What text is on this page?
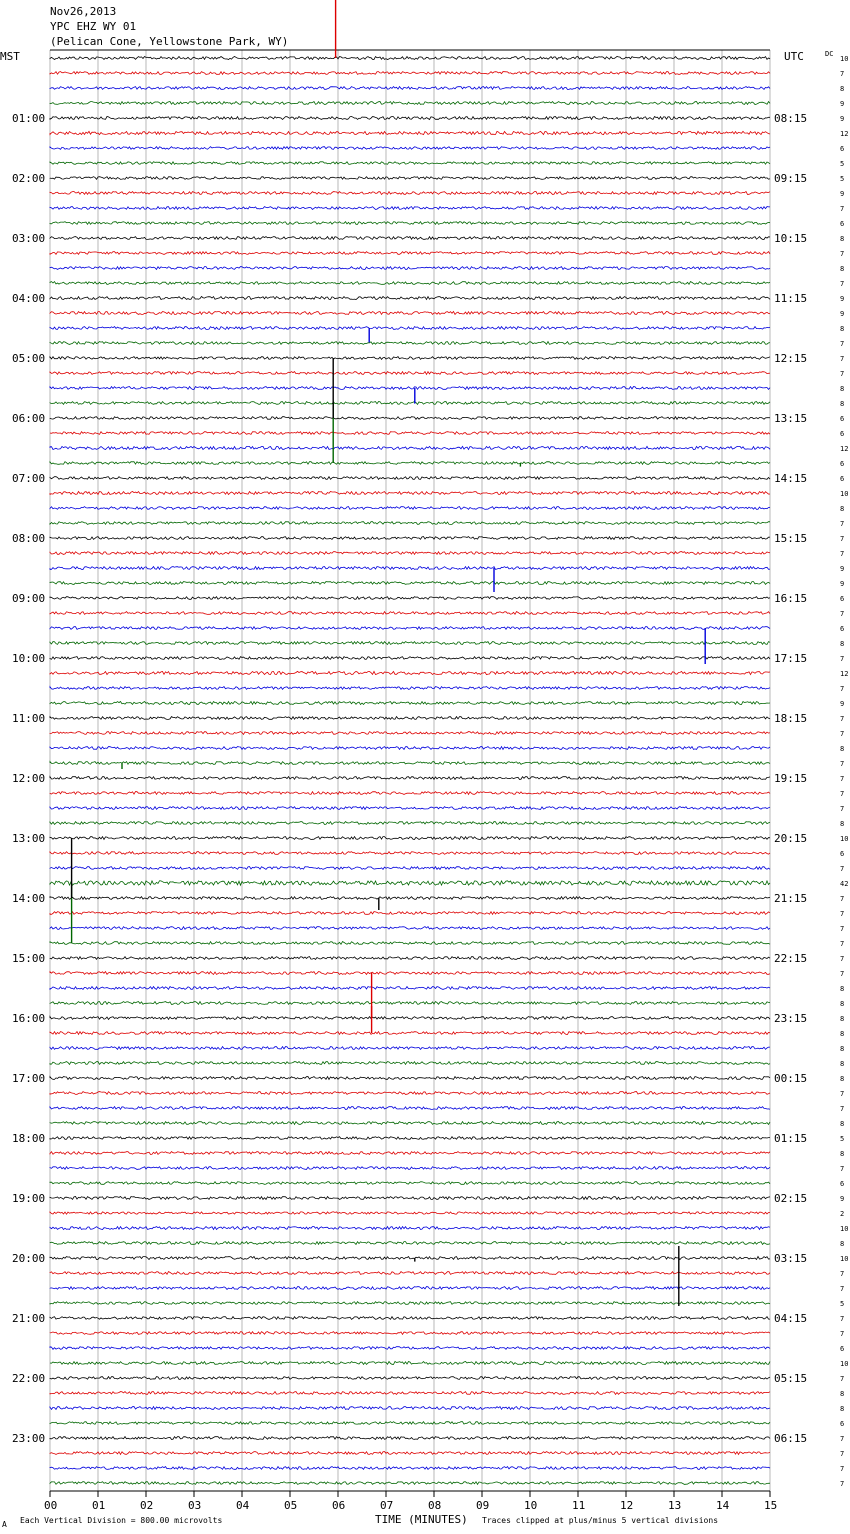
Nov26,2013
YPC EHZ WY 01
(Pelican Cone, Yellowstone Park, WY)
00	01	02	03	04	05	06	07	08	09	10	11	12	13	14	15
10
7
8
9
9
12
6
5
5
9
7
6
8
7
8
7
9
9
8
7
7
7
8
8
6
6
12
6
6
10
8
7
7
7
9
9
6
7
6
8
7
12
7
9
7
7
8
7
7
7
7
8
10
6
7
42
7
7
7
7
7
7
8
8
8
8
8
8
8
7
7
8
5
8
7
6
9
2
10
8
10
7
7
5
7
7
6
10
7
8
8
6
7
7
7
7
01:00
02:00
03:00
04:00
05:00
06:00
07:00
08:00
09:00
10:00
11:00
12:00
13:00
14:00
15:00
16:00
17:00
18:00
19:00
20:00
21:00
22:00
23:00
08:15
09:15
10:15
11:15
12:15
13:15
14:15
15:15
16:15
17:15
18:15
19:15
20:15
21:15
22:15
23:15
00:15
01:15
02:15
03:15
04:15
05:15
06:15
MST	UTC	DC
TIME (MINUTES)
Each Vertical Division = 800.00 microvolts	Traces clipped at plus/minus 5 vertical divisions
A
